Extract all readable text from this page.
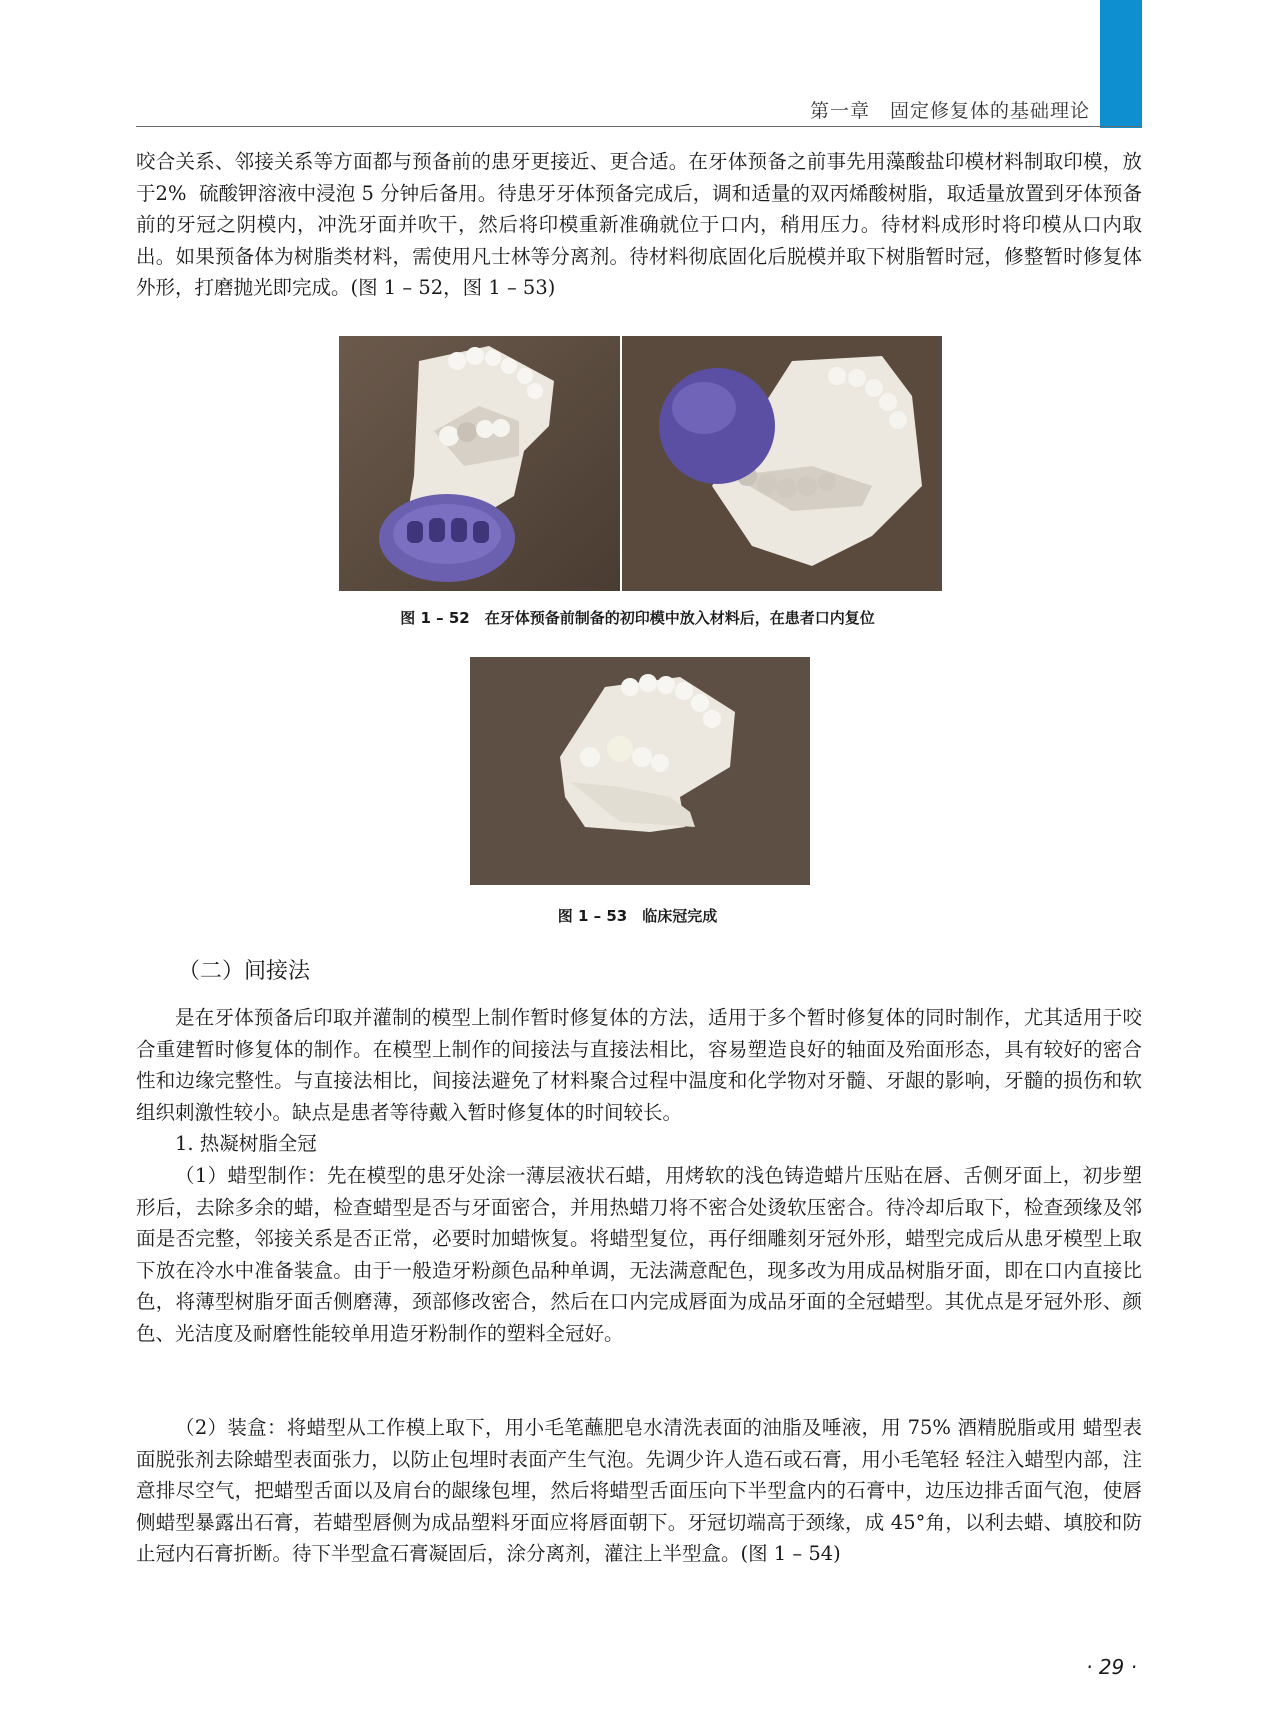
第一章　固定修复体的基础理论

咬合关系、邻接关系等方面都与预备前的患牙更接近、更合适。在牙体预备之前事先用藻酸盐印模材料制取印模，放于2%  硫酸钾溶液中浸泡 5 分钟后备用。待患牙牙体预备完成后，调和适量的双丙烯酸树脂，取适量放置到牙体预备前的牙冠之阴模内，冲洗牙面并吹干，然后将印模重新准确就位于口内，稍用压力。待材料成形时将印模从口内取出。如果预备体为树脂类材料，需使用凡士林等分离剂。待材料彻底固化后脱模并取下树脂暂时冠，修整暂时修复体外形，打磨抛光即完成。(图 1 – 52，图 1 – 53)

图 1 – 52　在牙体预备前制备的初印模中放入材料后，在患者口内复位

图 1 – 53　临床冠完成

（二）间接法

是在牙体预备后印取并灌制的模型上制作暂时修复体的方法，适用于多个暂时修复体的同时制作，尤其适用于咬合重建暂时修复体的制作。在模型上制作的间接法与直接法相比，容易塑造良好的轴面及​殆面形态，具有较好的密合性和边缘完整性。与直接法相比，间接法避免了材料聚合过程中温度和化学物对牙髓、牙龈的影响，牙髓的损伤和软组织刺激性较小。缺点是患者等待戴入暂时修复体的时间较长。

1. 热凝树脂全冠

（1）蜡型制作：先在模型的患牙处涂一薄层液状石蜡，用烤软的浅色铸造蜡片压贴在唇、舌侧牙面上，初步塑形后，去除多余的蜡，检查蜡型是否与牙面密合，并用热蜡刀将不密合处烫软压密合。待冷却后取下，检查颈缘及邻面是否完整，邻接关系是否正常，必要时加蜡恢复。将蜡型复位，再仔细雕刻牙冠外形，蜡型完成后从患牙模型上取下放在冷水中准备装盒。由于一般造牙粉颜色品种单调，无法满意配色，现多改为用成品树脂牙面，即在口内直接比色，将薄型树脂牙面舌侧磨薄，颈部修改密合，然后在口内完成唇面为成品牙面的全冠蜡型。其优点是牙冠外形、颜色、光洁度及耐磨性能较单用造牙粉制作的塑料全冠好。

（2）装盒：将蜡型从工作模上取下，用小毛笔蘸肥皂水清洗表面的油脂及唾液，用 75% 酒精脱脂或用 蜡型表面脱张剂去除蜡型表面张力，以防止包埋时表面产生气泡。先调少许人造石或石膏，用小毛笔轻 轻注入蜡型内部，注意排尽空气，把蜡型舌面以及肩台的龈缘包埋，然后将蜡型舌面压向下半型盒内的石膏中，边压边排舌面气泡，使唇侧蜡型暴露出石膏，若蜡型唇侧为成品塑料牙面应将唇面朝下。牙冠切端高于颈缘，成 45°角，以利去蜡、填胶和防止冠内石膏折断。待下半型盒石膏凝固后，涂分离剂，灌注上半型盒。(图 1 – 54)

· 29 ·
